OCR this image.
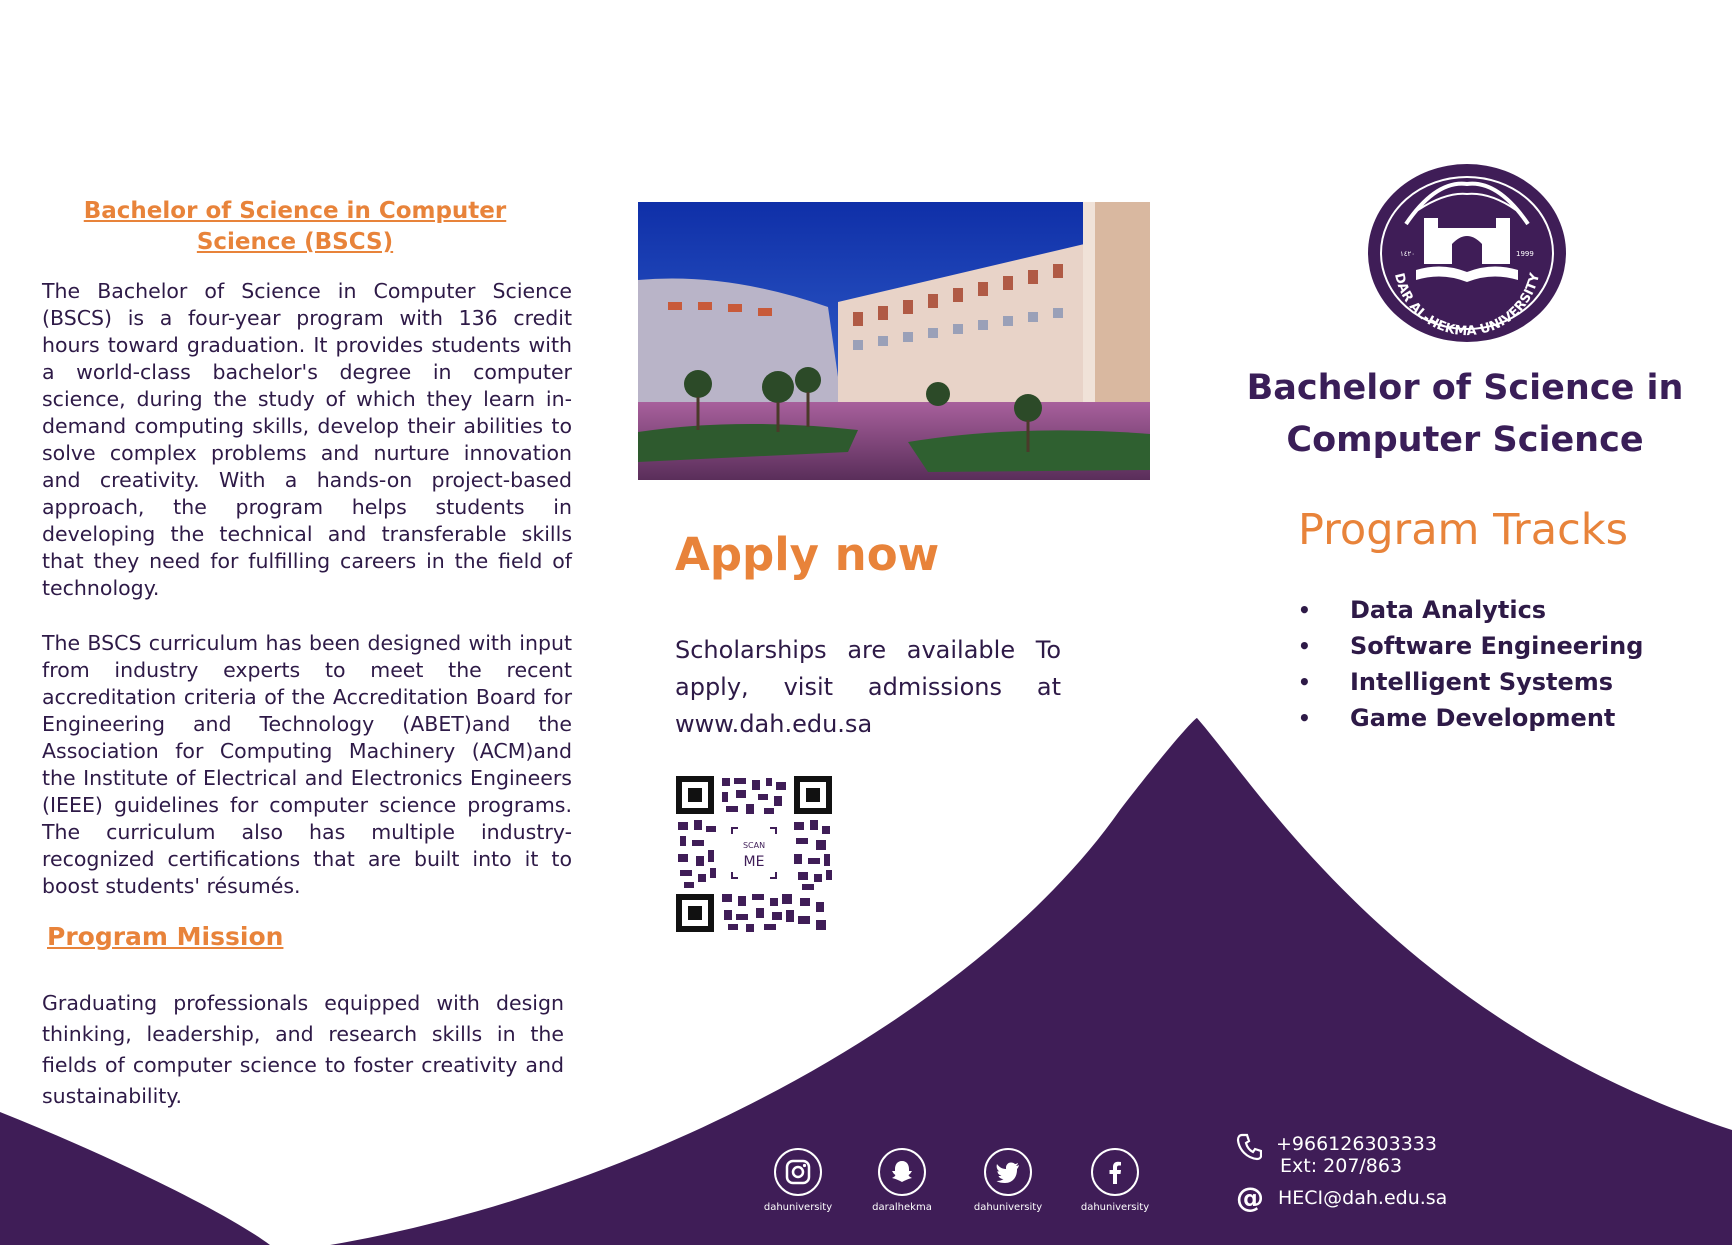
Bachelor of Science in Computer
Science (BSCS)

The Bachelor of Science in Computer Science (BSCS) is a four-year program with 136 credit hours toward graduation. It provides students with a world-class bachelor's degree in computer science, during the study of which they learn in-demand computing skills, develop their abilities to solve complex problems and nurture innovation and creativity. With a hands-on project-based approach, the program helps students in developing the technical and transferable skills that they need for fulfilling careers in the field of technology.

The BSCS curriculum has been designed with input from industry experts to meet the recent accreditation criteria of the Accreditation Board for Engineering and Technology (ABET)and the Association for Computing Machinery (ACM)and the Institute of Electrical and Electronics Engineers (IEEE) guidelines for computer science programs. The curriculum also has multiple industry-recognized certifications that are built into it to boost students' résumés.

Program Mission

Graduating professionals equipped with design thinking, leadership, and research skills in the fields of computer science to foster creativity and sustainability.

Apply now

Scholarships are available To apply, visit admissions at www.dah.edu.sa

SCAN
ME
١٤٢٠	1999
DAR AL-HEKMA UNIVERSITY
Bachelor of Science in
Computer Science
Program Tracks
• Data Analytics
• Software Engineering
• Intelligent Systems
• Game Development
dahuniversity	daralhekma	dahuniversity	dahuniversity
+966126303333
Ext: 207/863
@ HECI@dah.edu.sa
